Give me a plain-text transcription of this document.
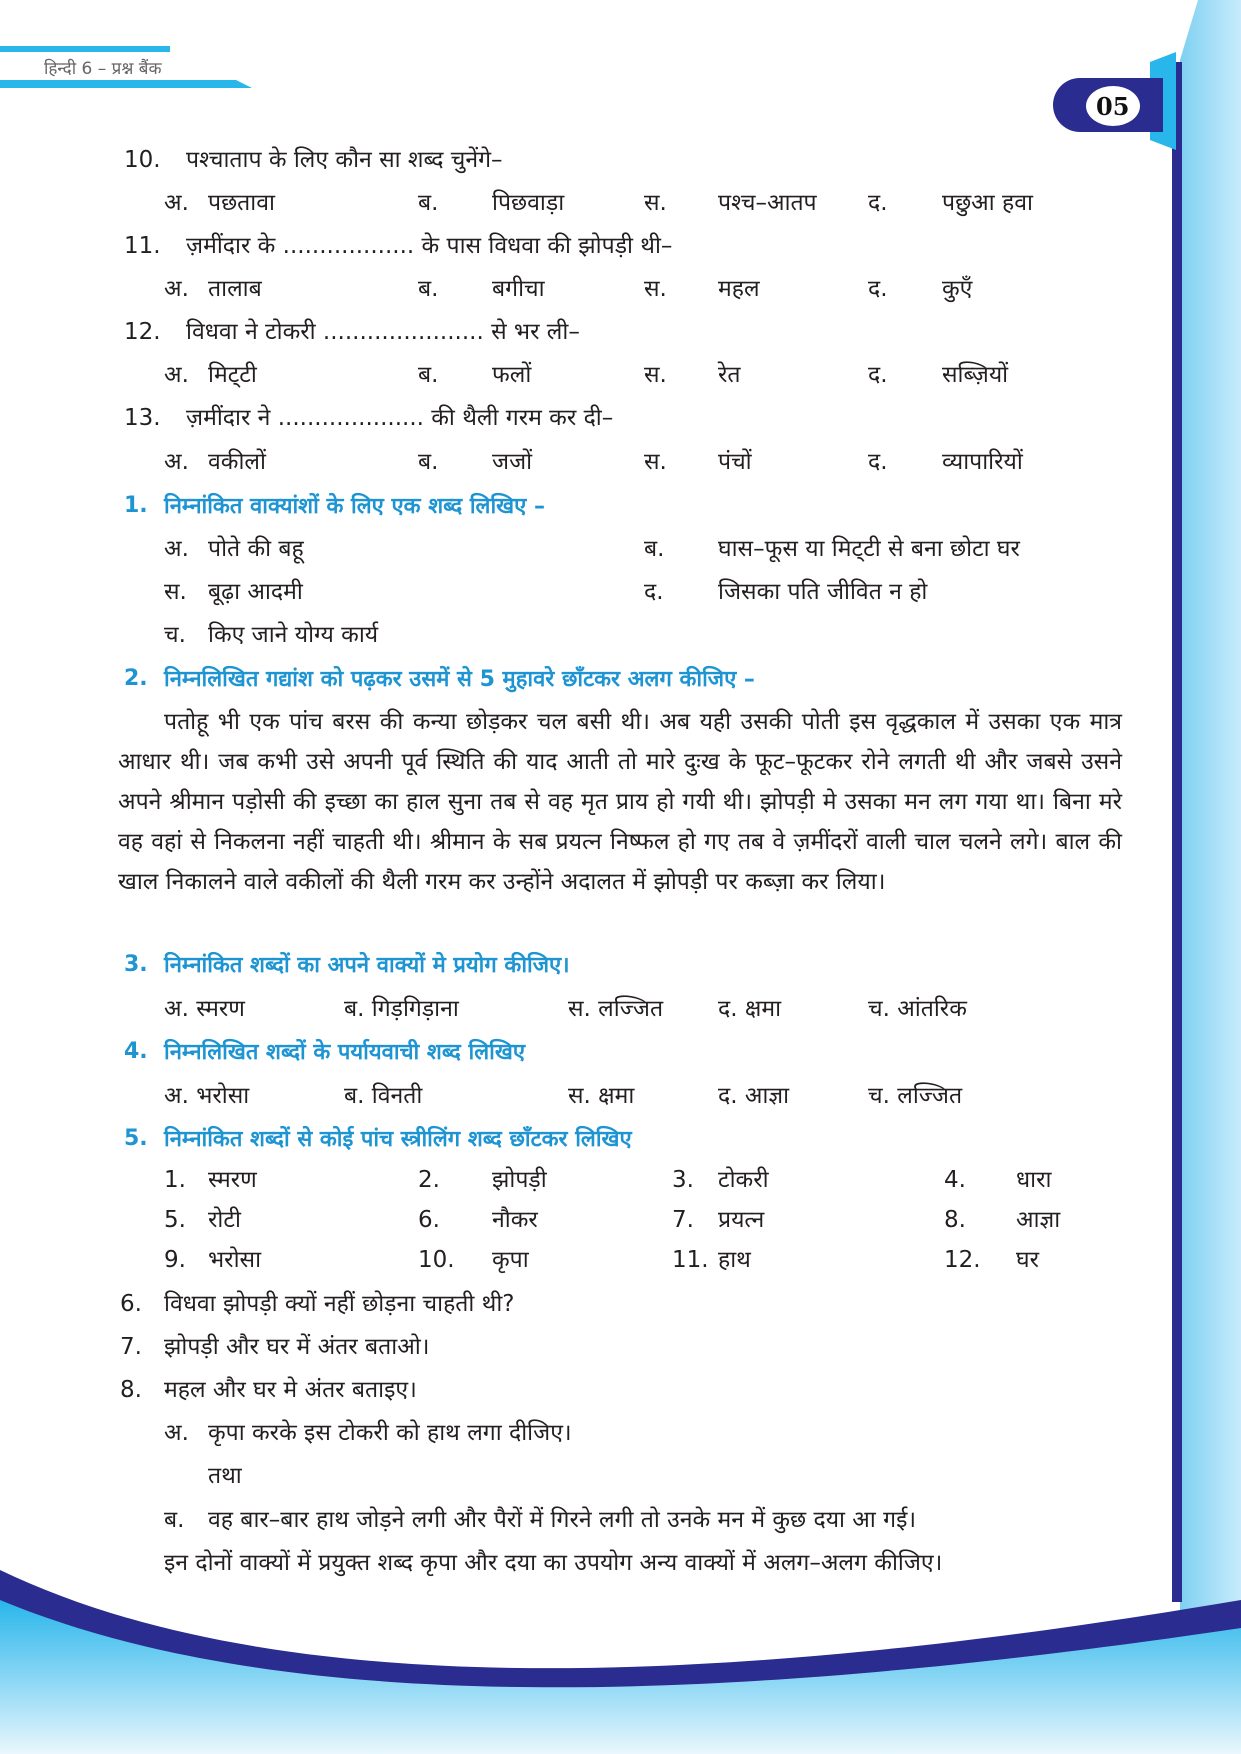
हिन्दी 6 – प्रश्न बैंक
05
10. पश्चाताप के लिए कौन सा शब्द चुनेंगे–
अ. पछतावा	ब. पिछवाड़ा	स. पश्च–आतप द. पछुआ हवा
11. ज़मींदार के .................. के पास विधवा की झोपड़ी थी–
अ. तालाब	ब. बगीचा	स. महल	द. कुएँ
12. विधवा ने टोकरी ...................... से भर ली–
अ. मिट्‌टी	ब. फलों	स. रेत	द. सब्ज़ियों
13. ज़मींदार ने .................... की थैली गरम कर दी–
अ. वकीलों	ब. जजों	स. पंचों	द. व्यापारियों
1. निम्नांकित वाक्यांशों के लिए एक शब्द लिखिए –
अ. पोते की बहू	ब. घास–फूस या मिट्‌टी से बना छोटा घर
स. बूढ़ा आदमी	द. जिसका पति जीवित न हो
च. किए जाने योग्य कार्य
2. निम्नलिखित गद्यांश को पढ़कर उसमें से 5 मुहावरे छाँटकर अलग कीजिए –
पतोहू भी एक पांच बरस की कन्या छोड़कर चल बसी थी। अब यही उसकी पोती इस वृद्धकाल में उसका एक मात्र आधार थी। जब कभी उसे अपनी पूर्व स्थिति की याद आती तो मारे दुःख के फूट–फूटकर रोने लगती थी और जबसे उसने अपने श्रीमान पड़ोसी की इच्छा का हाल सुना तब से वह मृत प्राय हो गयी थी। झोपड़ी मे उसका मन लग गया था। बिना मरे वह वहां से निकलना नहीं चाहती थी। श्रीमान के सब प्रयत्न निष्फल हो गए तब वे ज़मींदरों वाली चाल चलने लगे। बाल की खाल निकालने वाले वकीलों की थैली गरम कर उन्होंने अदालत में झोपड़ी पर कब्ज़ा कर लिया।
3. निम्नांकित शब्दों का अपने वाक्यों मे प्रयोग कीजिए।
अ. स्मरण	ब. गिड़गिड़ाना	स. लज्जित द. क्षमा	च. आंतरिक
4. निम्नलिखित शब्दों के पर्यायवाची शब्द लिखिए
अ. भरोसा	ब. विनती	स. क्षमा	द. आज्ञा	च. लज्जित
5. निम्नांकित शब्दों से कोई पांच स्त्रीलिंग शब्द छाँटकर लिखिए
1. स्मरण	2. झोपड़ी	3. टोकरी	4. धारा
5. रोटी	6. नौकर	7. प्रयत्न	8. आज्ञा
9. भरोसा	10. कृपा	11. हाथ	12. घर
6. विधवा झोपड़ी क्यों नहीं छोड़ना चाहती थी?
7. झोपड़ी और घर में अंतर बताओ।
8. महल और घर मे अंतर बताइए।
अ. कृपा करके इस टोकरी को हाथ लगा दीजिए।
तथा
ब. वह बार–बार हाथ जोड़ने लगी और पैरों में गिरने लगी तो उनके मन में कुछ दया आ गई।
इन दोनों वाक्यों में प्रयुक्त शब्द कृपा और दया का उपयोग अन्य वाक्यों में अलग–अलग कीजिए।
